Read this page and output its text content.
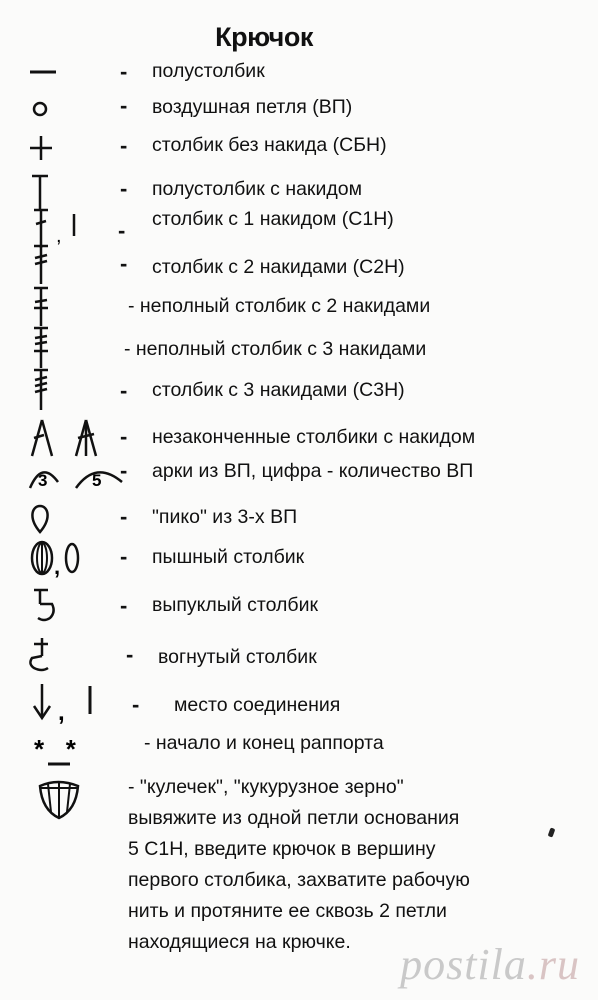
Крючок
- полустолбик
- воздушная петля (ВП)
- столбик без накида (СБН)
- полустолбик с накидом
,	- столбик с 1 накидом (С1Н)
- столбик с 2 накидами (С2Н)
- неполный столбик с 2 накидами
- неполный столбик с 3 накидами
- столбик с 3 накидами (С3Н)
- незаконченные столбики с накидом
3	5 - арки из ВП, цифра - количество ВП
- "пико" из 3-х ВП
,	- пышный столбик
- выпуклый столбик
- вогнутый столбик
,	- место соединения
*   *	- начало и конец раппорта
- "кулечек", "кукурузное зерно"
вывяжите из одной петли основания
5 С1Н, введите крючок в вершину
первого столбика, захватите рабочую
нить и протяните ее сквозь 2 петли
находящиеся на крючке.	postila.ru
